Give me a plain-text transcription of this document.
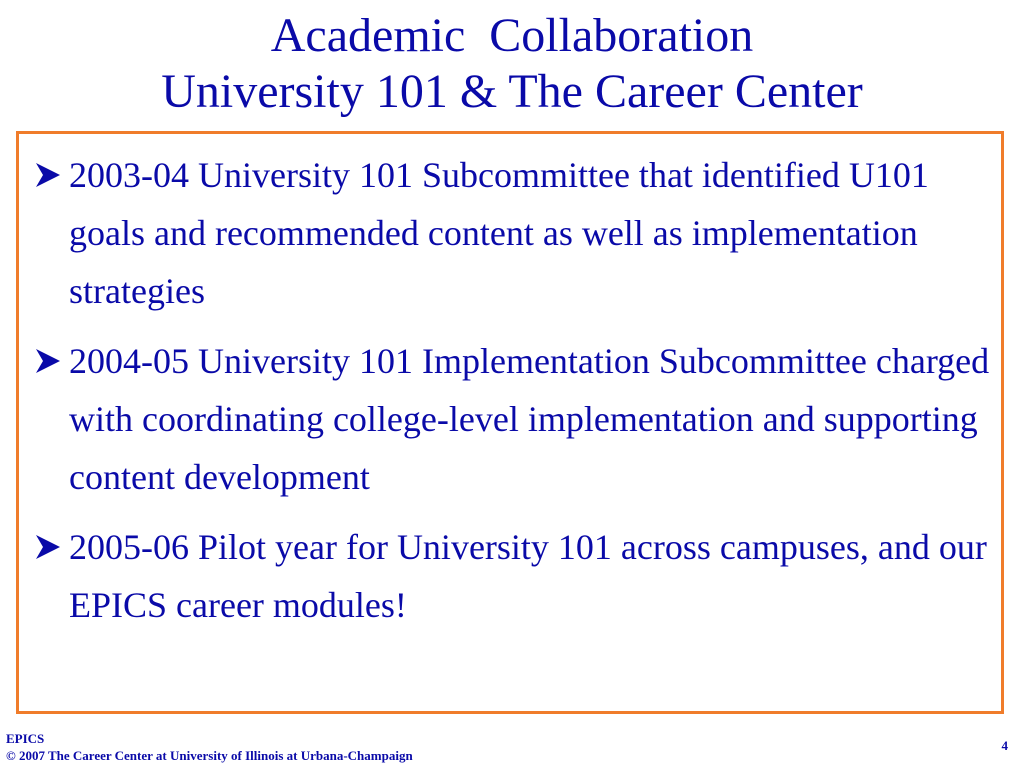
Academic  Collaboration
University 101 & The Career Center
2003-04 University 101 Subcommittee that identified U101 goals and recommended content as well as implementation strategies
2004-05 University 101 Implementation Subcommittee charged with coordinating college-level implementation and supporting content development
2005-06 Pilot year for University 101 across campuses, and our EPICS career modules!
EPICS
© 2007 The Career Center at University of Illinois at Urbana-Champaign
4
